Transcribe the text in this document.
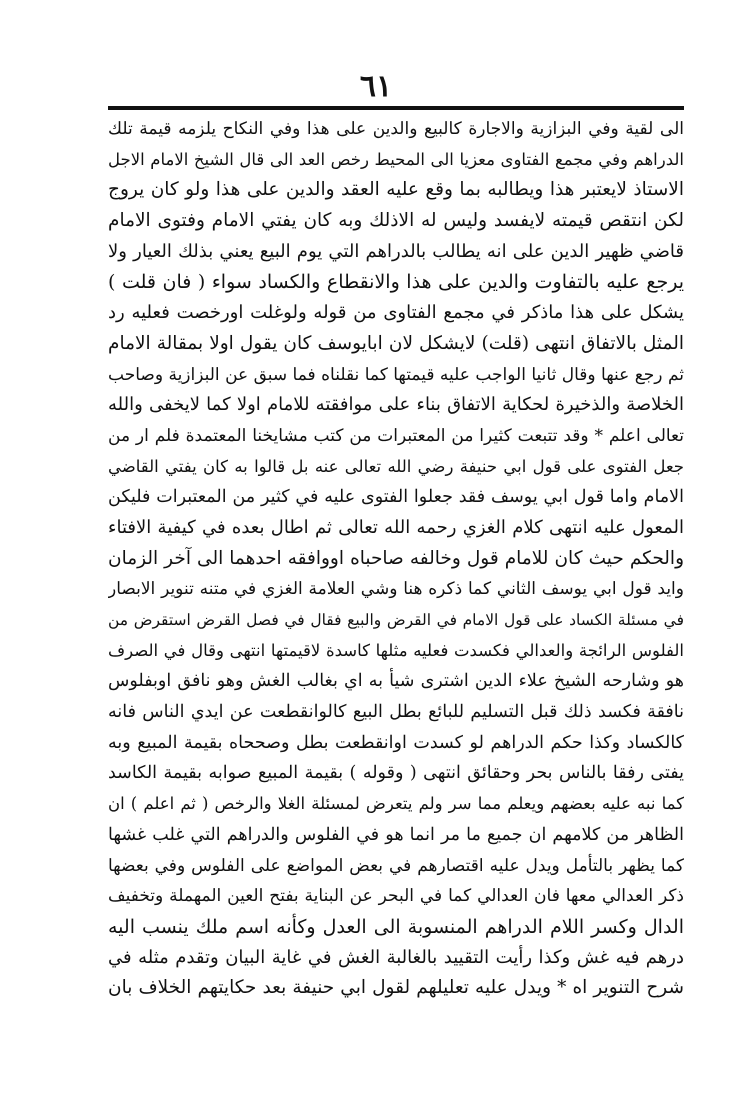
٦١
الى لقية وفي البزازية والاجارة كالبيع والدين على هذا وفي النكاح يلزمه قيمة تلك
الدراهم وفي مجمع الفتاوى معزيا الى المحيط رخص العد الى قال الشيخ الامام الاجل
الاستاذ لايعتبر هذا ويطالبه بما وقع عليه العقد والدين على هذا ولو كان يروج
لكن انتقص قيمته لايفسد وليس له الاذلك وبه كان يفتي الامام وفتوى الامام
قاضي ظهير الدين على انه يطالب بالدراهم التي يوم البيع يعني بذلك العيار ولا
يرجع عليه بالتفاوت والدين على هذا والانقطاع والكساد سواء ( فان قلت )
يشكل على هذا ماذكر في مجمع الفتاوى من قوله ولوغلت اورخصت فعليه رد
المثل بالاتفاق انتهى (قلت) لايشكل لان ابايوسف كان يقول اولا بمقالة الامام
ثم رجع عنها وقال ثانيا الواجب عليه قيمتها كما نقلناه فما سبق عن البزازية وصاحب
الخلاصة والذخيرة لحكاية الاتفاق بناء على موافقته للامام اولا كما لايخفى والله
تعالى اعلم * وقد تتبعت كثيرا من المعتبرات من كتب مشايخنا المعتمدة فلم ار من
جعل الفتوى على قول ابي حنيفة رضي الله تعالى عنه بل قالوا به كان يفتي القاضي
الامام واما قول ابي يوسف فقد جعلوا الفتوى عليه في كثير من المعتبرات فليكن
المعول عليه انتهى كلام الغزي رحمه الله تعالى ثم اطال بعده في كيفية الافتاء
والحكم حيث كان للامام قول وخالفه صاحباه اووافقه احدهما الى آخر الزمان
وايد قول ابي يوسف الثاني كما ذكره هنا وشي العلامة الغزي في متنه تنوير الابصار
في مسئلة الكساد على قول الامام في القرض والبيع فقال في فصل القرض استقرض من
الفلوس الرائجة والعدالي فكسدت فعليه مثلها كاسدة لاقيمتها انتهى وقال في الصرف
هو وشارحه الشيخ علاء الدين اشترى شيأ به اي بغالب الغش وهو نافق اوبفلوس
نافقة فكسد ذلك قبل التسليم للبائع بطل البيع كالوانقطعت عن ايدي الناس فانه
كالكساد وكذا حكم الدراهم لو كسدت اوانقطعت بطل وصححاه بقيمة المبيع وبه
يفتى رفقا بالناس بحر وحقائق انتهى ( وقوله ) بقيمة المبيع صوابه بقيمة الكاسد
كما نبه عليه بعضهم ويعلم مما سر ولم يتعرض لمسئلة الغلا والرخص ( ثم اعلم ) ان
الظاهر من كلامهم ان جميع ما مر انما هو في الفلوس والدراهم التي غلب غشها
كما يظهر بالتأمل ويدل عليه اقتصارهم في بعض المواضع على الفلوس وفي بعضها
ذكر العدالي معها فان العدالي كما في البحر عن البناية بفتح العين المهملة وتخفيف
الدال وكسر اللام الدراهم المنسوبة الى العدل وكأنه اسم ملك ينسب اليه
درهم فيه غش وكذا رأيت التقييد بالغالبة الغش في غاية البيان وتقدم مثله في
شرح التنوير اه * ويدل عليه تعليلهم لقول ابي حنيفة بعد حكايتهم الخلاف بان
